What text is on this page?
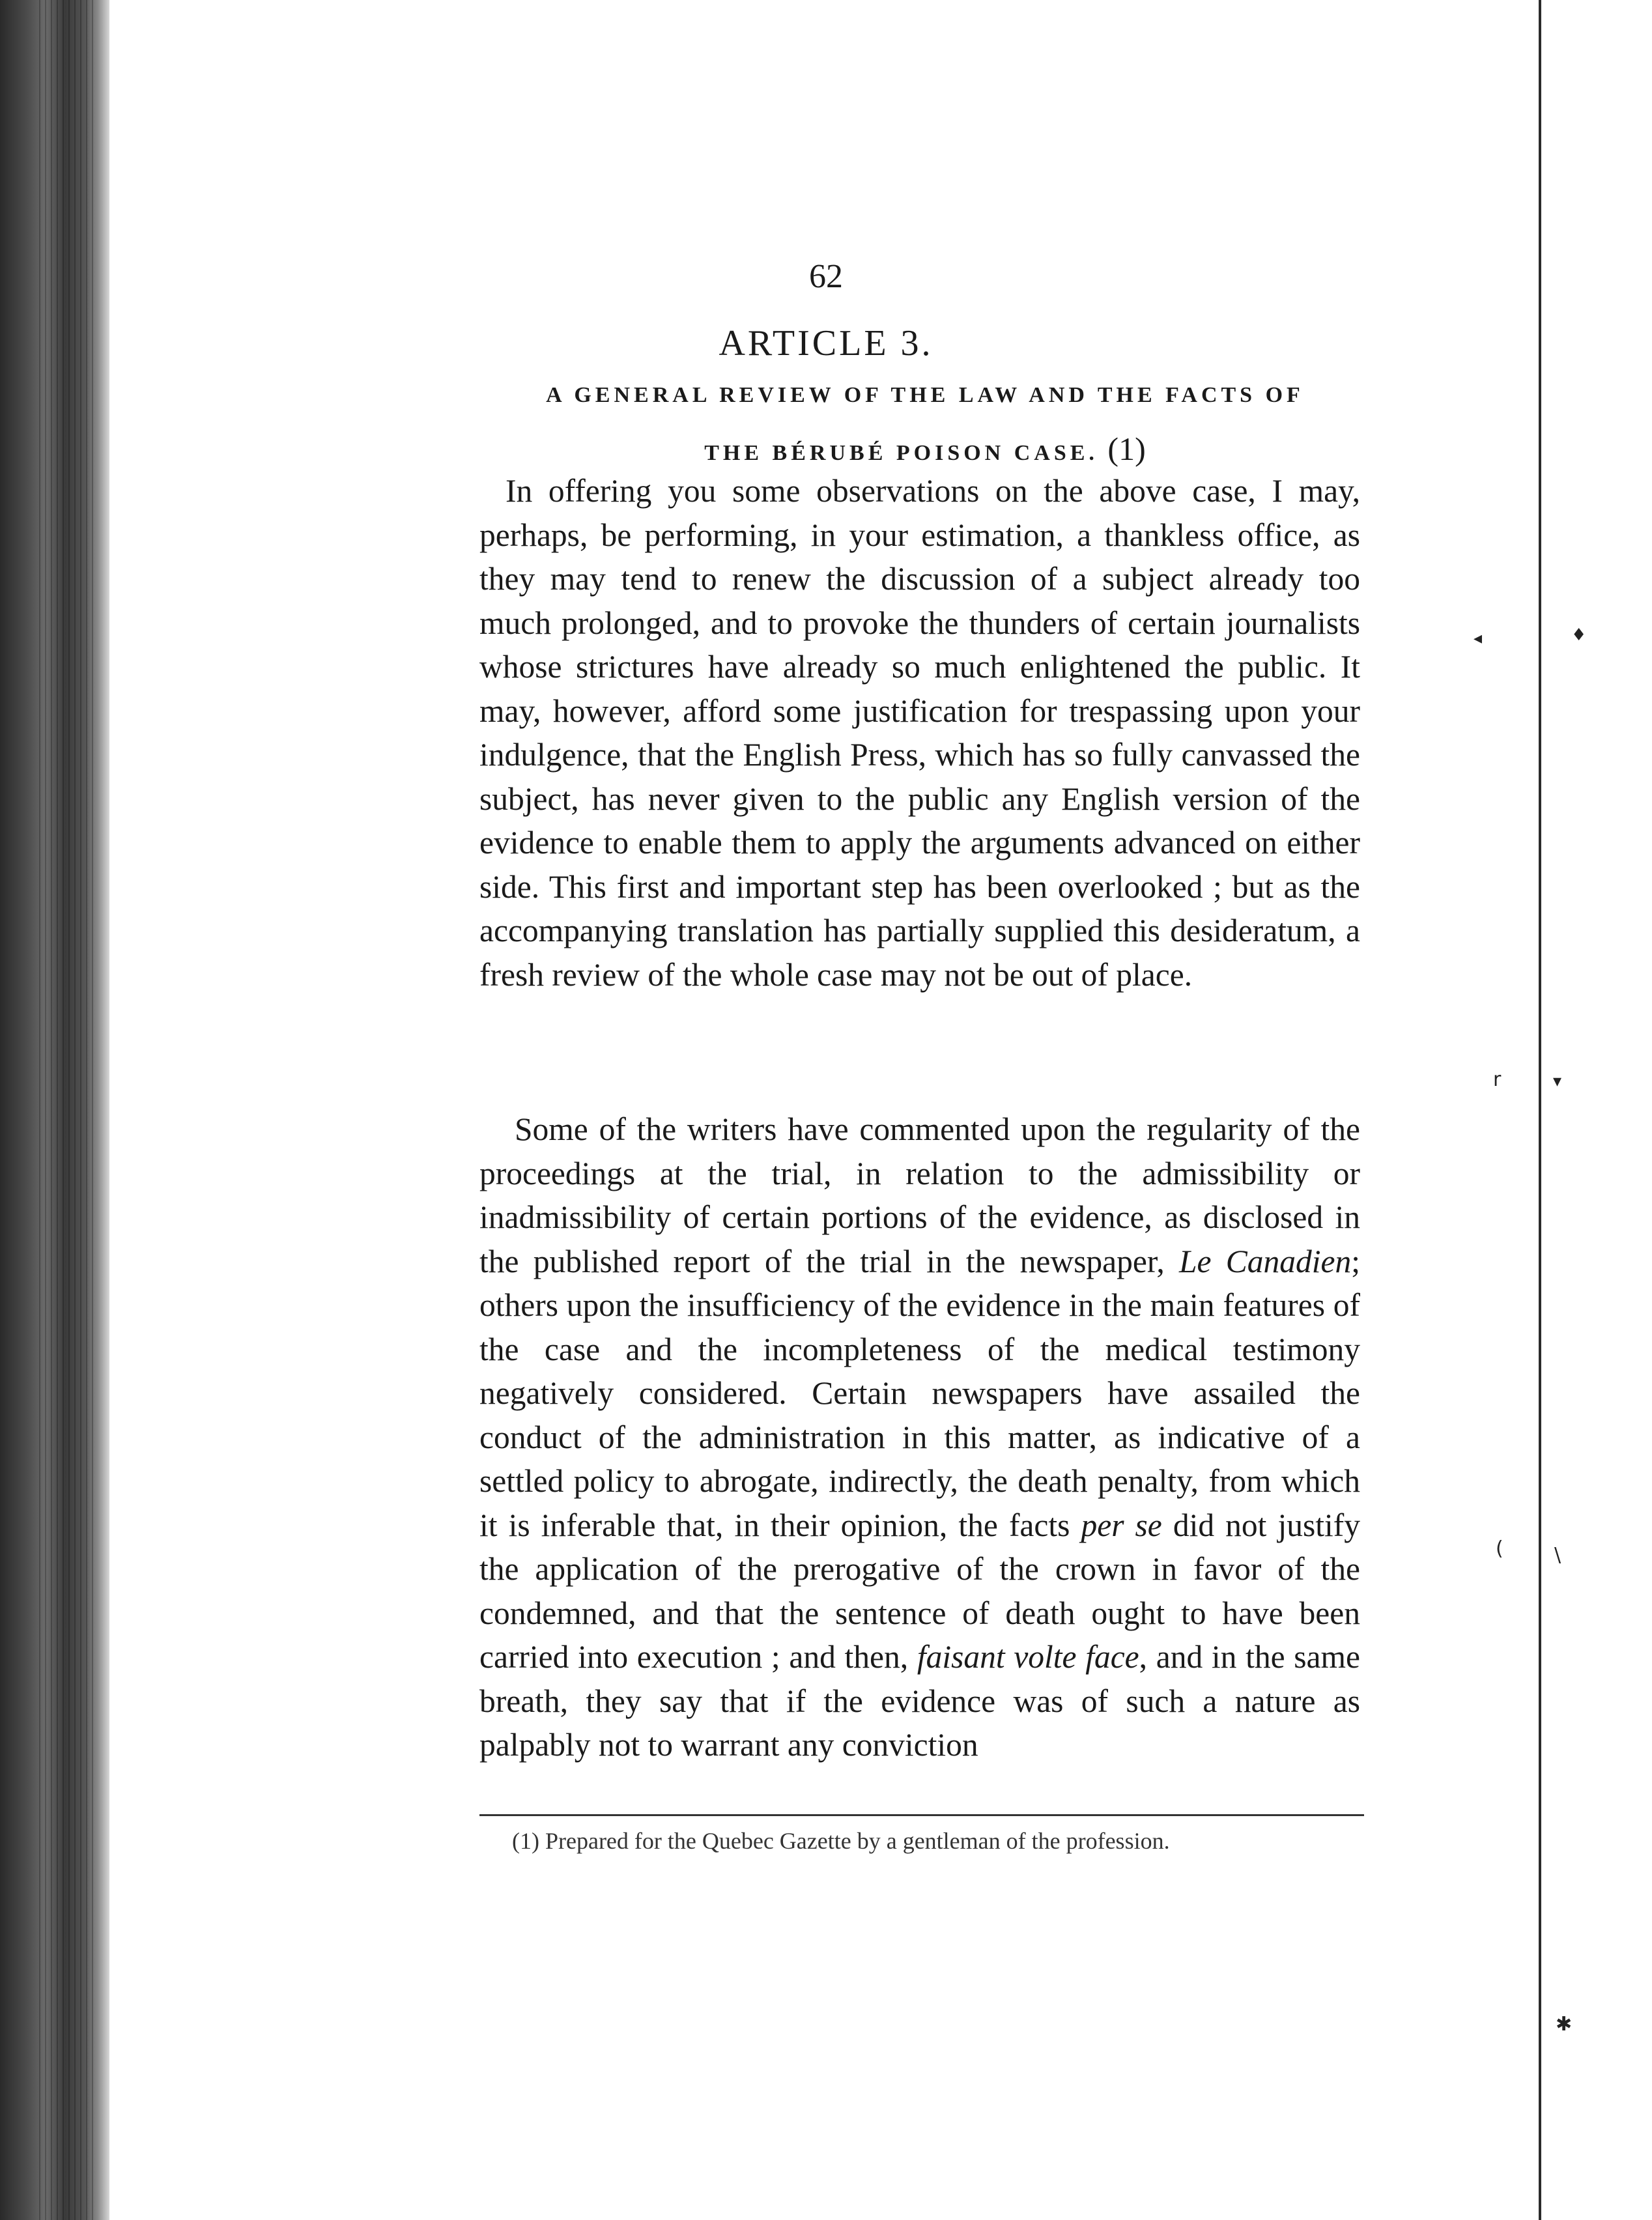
62
ARTICLE 3.
A GENERAL REVIEW OF THE LAW AND THE FACTS OF
THE BÉRUBÉ POISON CASE. (1)

In offering you some observations on the above case, I may, perhaps, be performing, in your estimation, a thankless office, as they may tend to renew the discussion of a subject already too much prolonged, and to provoke the thunders of certain journalists whose strictures have already so much enlightened the public. It may, however, afford some justification for trespassing upon your indulgence, that the English Press, which has so fully canvassed the subject, has never given to the public any English version of the evidence to enable them to apply the arguments advanced on either side. This first and important step has been overlooked ; but as the accompanying translation has partially supplied this desideratum, a fresh review of the whole case may not be out of place.

Some of the writers have commented upon the regularity of the proceedings at the trial, in relation to the admissibility or inadmissibility of certain portions of the evidence, as disclosed in the published report of the trial in the newspaper, Le Canadien; others upon the insufficiency of the evidence in the main features of the case and the incompleteness of the medical testimony negatively considered. Certain newspapers have assailed the conduct of the administration in this matter, as indicative of a settled policy to abrogate, indirectly, the death penalty, from which it is inferable that, in their opinion, the facts per se did not justify the application of the prerogative of the crown in favor of the condemned, and that the sentence of death ought to have been carried into execution ; and then, faisant volte face, and in the same breath, they say that if the evidence was of such a nature as palpably not to warrant any conviction

(1) Prepared for the Quebec Gazette by a gentleman of the profession.
◂	♦
r	▾
(	\
✱
